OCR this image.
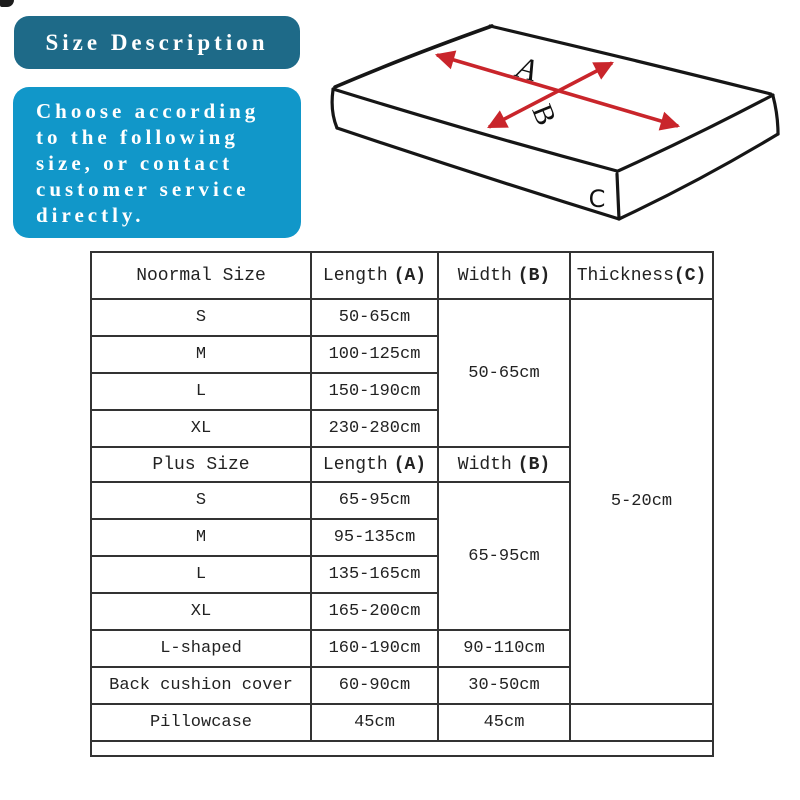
Size Description
Choose according
to the following
size, or contact
customer service
directly.
A
B
C
Noormal Size	Length (A)	Width (B)	Thickness(C)
S	50-65cm	50-65cm	5-20cm
M	100-125cm		
L	150-190cm		
XL	230-280cm		
Plus Size	Length (A)	Width (B)	
S	65-95cm	65-95cm	
M	95-135cm		
L	135-165cm		
XL	165-200cm		
L-shaped	160-190cm	90-110cm	
Back cushion cover	60-90cm	30-50cm	
Pillowcase	45cm	45cm	
